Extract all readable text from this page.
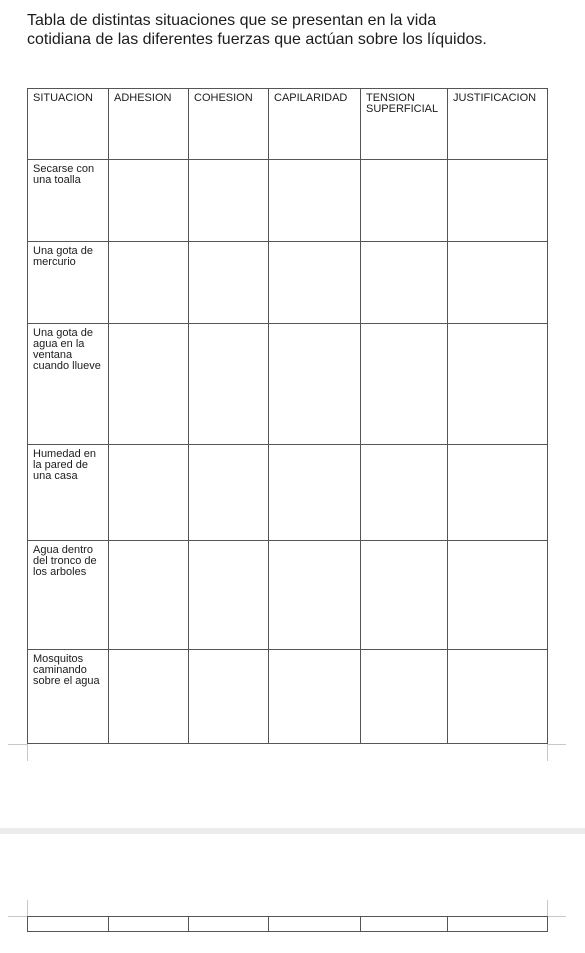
Tabla de distintas situaciones que se presentan en la vida
cotidiana de las diferentes fuerzas que actúan sobre los líquidos.
SITUACION	ADHESION	COHESION	CAPILARIDAD	TENSION SUPERFICIAL	JUSTIFICACION
Secarse con una toalla					
Una gota de mercurio					
Una gota de agua en la ventana cuando llueve					
Humedad en la pared de una casa					
Agua dentro del tronco de los arboles					
Mosquitos caminando sobre el agua					
